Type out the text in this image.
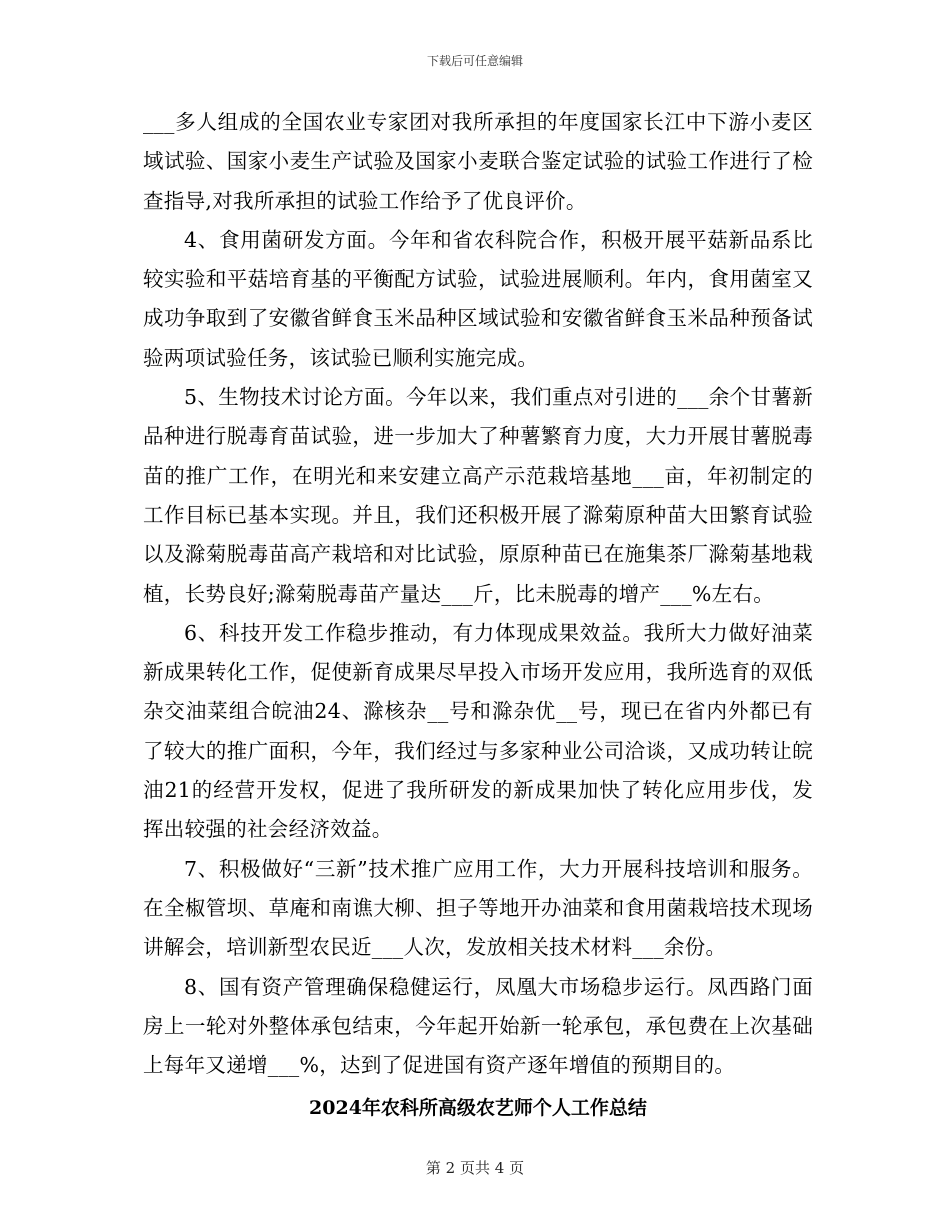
下载后可任意编辑

___多人组成的全国农业专家团对我所承担的年度国家长江中下游小麦区域试验、国家小麦生产试验及国家小麦联合鉴定试验的试验工作进行了检查指导,对我所承担的试验工作给予了优良评价。

4、食用菌研发方面。今年和省农科院合作，积极开展平菇新品系比较实验和平菇培育基的平衡配方试验，试验进展顺利。年内，食用菌室又成功争取到了安徽省鲜食玉米品种区域试验和安徽省鲜食玉米品种预备试验两项试验任务，该试验已顺利实施完成。

5、生物技术讨论方面。今年以来，我们重点对引进的___余个甘薯新品种进行脱毒育苗试验，进一步加大了种薯繁育力度，大力开展甘薯脱毒苗的推广工作，在明光和来安建立高产示范栽培基地___亩，年初制定的工作目标已基本实现。并且，我们还积极开展了滁菊原种苗大田繁育试验以及滁菊脱毒苗高产栽培和对比试验，原原种苗已在施集茶厂滁菊基地栽植，长势良好;滁菊脱毒苗产量达___斤，比未脱毒的增产___%左右。

6、科技开发工作稳步推动，有力体现成果效益。我所大力做好油菜新成果转化工作，促使新育成果尽早投入市场开发应用，我所选育的双低杂交油菜组合皖油24、滁核杂__号和滁杂优__号，现已在省内外都已有了较大的推广面积，今年，我们经过与多家种业公司洽谈，又成功转让皖油21的经营开发权，促进了我所研发的新成果加快了转化应用步伐，发挥出较强的社会经济效益。

7、积极做好“三新”技术推广应用工作，大力开展科技培训和服务。在全椒管坝、草庵和南谯大柳、担子等地开办油菜和食用菌栽培技术现场讲解会，培训新型农民近___人次，发放相关技术材料___余份。

8、国有资产管理确保稳健运行，凤凰大市场稳步运行。凤西路门面房上一轮对外整体承包结束，今年起开始新一轮承包，承包费在上次基础上每年又递增___%，达到了促进国有资产逐年增值的预期目的。

2024年农科所高级农艺师个人工作总结
第 2 页共 4 页
